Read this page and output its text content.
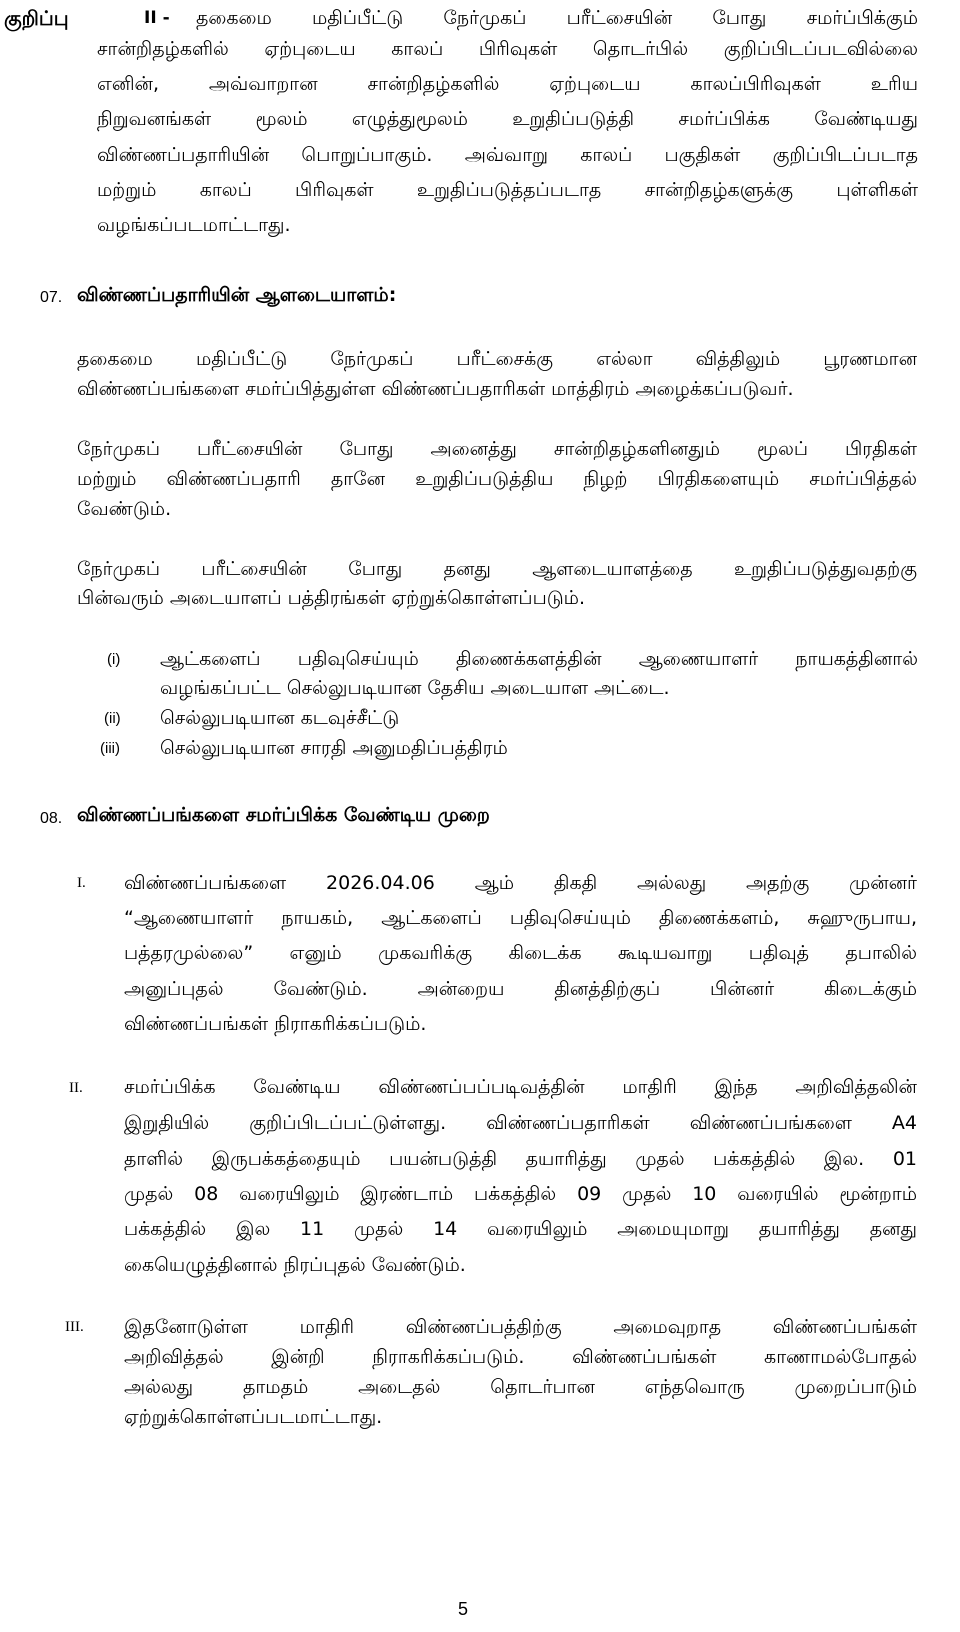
குறிப்பு	II - தகைமை மதிப்பீட்டு நேர்முகப் பரீட்சையின் போது சமர்ப்பிக்கும்
சான்றிதழ்களில் ஏற்புடைய காலப் பிரிவுகள் தொடர்பில் குறிப்பிடப்படவில்லை
எனின், அவ்வாறான சான்றிதழ்களில் ஏற்புடைய காலப்பிரிவுகள் உரிய
நிறுவனங்கள் மூலம் எழுத்துமூலம் உறுதிப்படுத்தி சமர்ப்பிக்க வேண்டியது
விண்ணப்பதாரியின் பொறுப்பாகும். அவ்வாறு காலப் பகுதிகள் குறிப்பிடப்படாத
மற்றும் காலப் பிரிவுகள் உறுதிப்படுத்தப்படாத சான்றிதழ்களுக்கு புள்ளிகள்
வழங்கப்படமாட்டாது.
07. விண்ணப்பதாரியின் ஆளடையாளம்:
தகைமை மதிப்பீட்டு நேர்முகப் பரீட்சைக்கு எல்லா வித்திலும் பூரணமான
விண்ணப்பங்களை சமர்ப்பித்துள்ள விண்ணப்பதாரிகள் மாத்திரம் அழைக்கப்படுவர்.
நேர்முகப் பரீட்சையின் போது அனைத்து சான்றிதழ்களினதும் மூலப் பிரதிகள்
மற்றும் விண்ணப்பதாரி தானே உறுதிப்படுத்திய நிழற் பிரதிகளையும் சமர்ப்பித்தல்
வேண்டும்.
நேர்முகப் பரீட்சையின் போது தனது ஆளடையாளத்தை உறுதிப்படுத்துவதற்கு
பின்வரும் அடையாளப் பத்திரங்கள் ஏற்றுக்கொள்ளப்படும்.
(i) ஆட்களைப் பதிவுசெய்யும் திணைக்களத்தின் ஆணையாளர் நாயகத்தினால்
வழங்கப்பட்ட செல்லுபடியான தேசிய அடையாள அட்டை.
(ii) செல்லுபடியான கடவுச்சீட்டு
(iii) செல்லுபடியான சாரதி அனுமதிப்பத்திரம்
08. விண்ணப்பங்களை சமர்ப்பிக்க வேண்டிய முறை
I. விண்ணப்பங்களை 2026.04.06 ஆம் திகதி அல்லது அதற்கு முன்னர்
“ஆணையாளர் நாயகம், ஆட்களைப் பதிவுசெய்யும் திணைக்களம், சுஹுருபாய,
பத்தரமுல்லை” எனும் முகவரிக்கு கிடைக்க கூடியவாறு பதிவுத் தபாலில்
அனுப்புதல் வேண்டும். அன்றைய தினத்திற்குப் பின்னர் கிடைக்கும்
விண்ணப்பங்கள் நிராகரிக்கப்படும்.
II. சமர்ப்பிக்க வேண்டிய விண்ணப்பப்படிவத்தின் மாதிரி இந்த அறிவித்தலின்
இறுதியில் குறிப்பிடப்பட்டுள்ளது. விண்ணப்பதாரிகள் விண்ணப்பங்களை A4
தாளில் இருபக்கத்தையும் பயன்படுத்தி தயாரித்து முதல் பக்கத்தில் இல. 01
முதல் 08 வரையிலும் இரண்டாம் பக்கத்தில் 09 முதல் 10 வரையில் மூன்றாம்
பக்கத்தில் இல 11 முதல் 14 வரையிலும் அமையுமாறு தயாரித்து தனது
கையெழுத்தினால் நிரப்புதல் வேண்டும்.
III. இதனோடுள்ள மாதிரி விண்ணப்பத்திற்கு அமைவுறாத விண்ணப்பங்கள்
அறிவித்தல் இன்றி நிராகரிக்கப்படும். விண்ணப்பங்கள் காணாமல்போதல்
அல்லது தாமதம் அடைதல் தொடர்பான எந்தவொரு முறைப்பாடும்
ஏற்றுக்கொள்ளப்படமாட்டாது.
5
